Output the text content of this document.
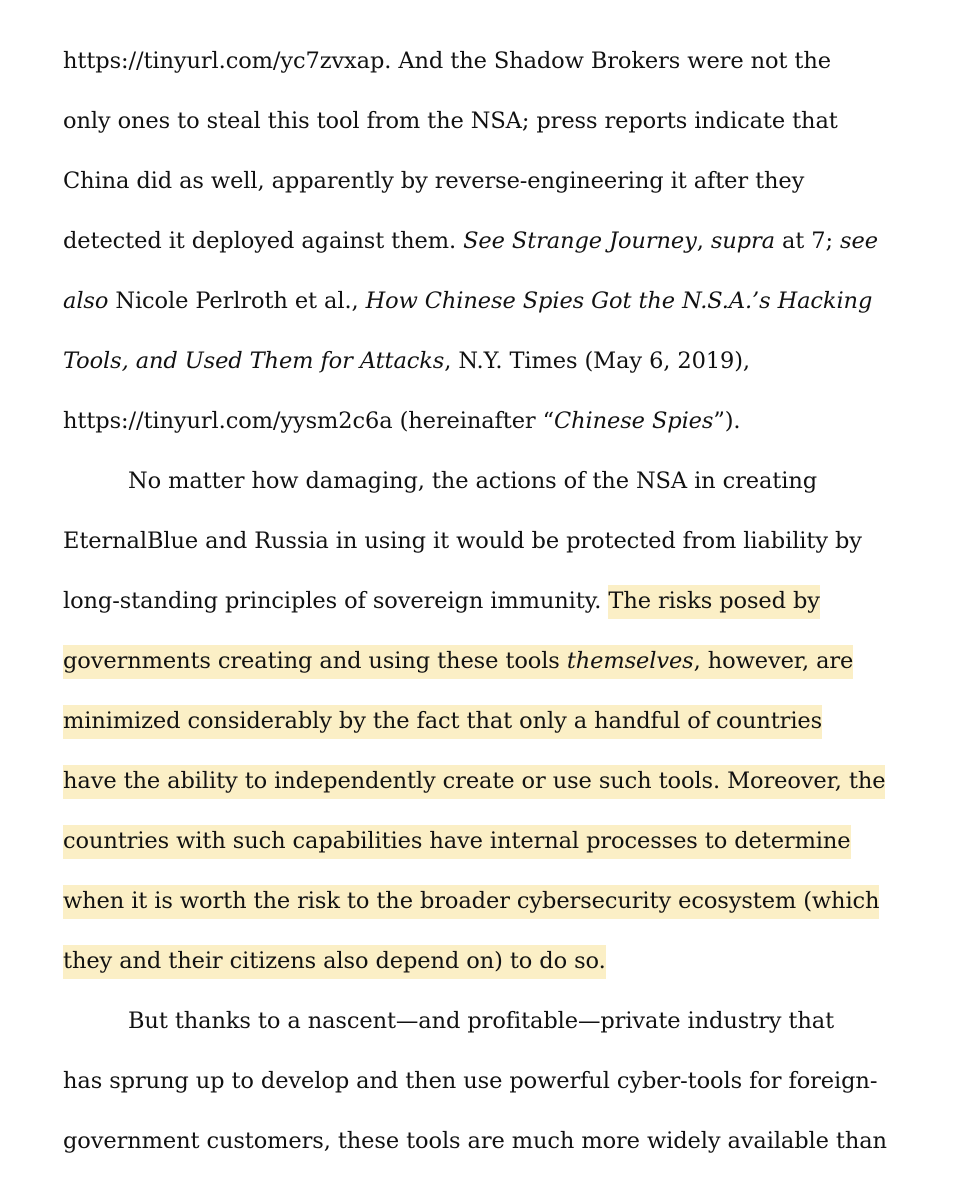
https://tinyurl.com/yc7zvxap. And the Shadow Brokers were not the
only ones to steal this tool from the NSA; press reports indicate that
China did as well, apparently by reverse-engineering it after they
detected it deployed against them. See Strange Journey, supra at 7; see
also Nicole Perlroth et al., How Chinese Spies Got the N.S.A.’s Hacking
Tools, and Used Them for Attacks, N.Y. Times (May 6, 2019),
https://tinyurl.com/yysm2c6a (hereinafter “Chinese Spies”).
No matter how damaging, the actions of the NSA in creating
EternalBlue and Russia in using it would be protected from liability by
long-standing principles of sovereign immunity. The risks posed by
governments creating and using these tools themselves, however, are
minimized considerably by the fact that only a handful of countries
have the ability to independently create or use such tools. Moreover, the
countries with such capabilities have internal processes to determine
when it is worth the risk to the broader cybersecurity ecosystem (which
they and their citizens also depend on) to do so.
But thanks to a nascent—and profitable—private industry that
has sprung up to develop and then use powerful cyber-tools for foreign-
government customers, these tools are much more widely available than
